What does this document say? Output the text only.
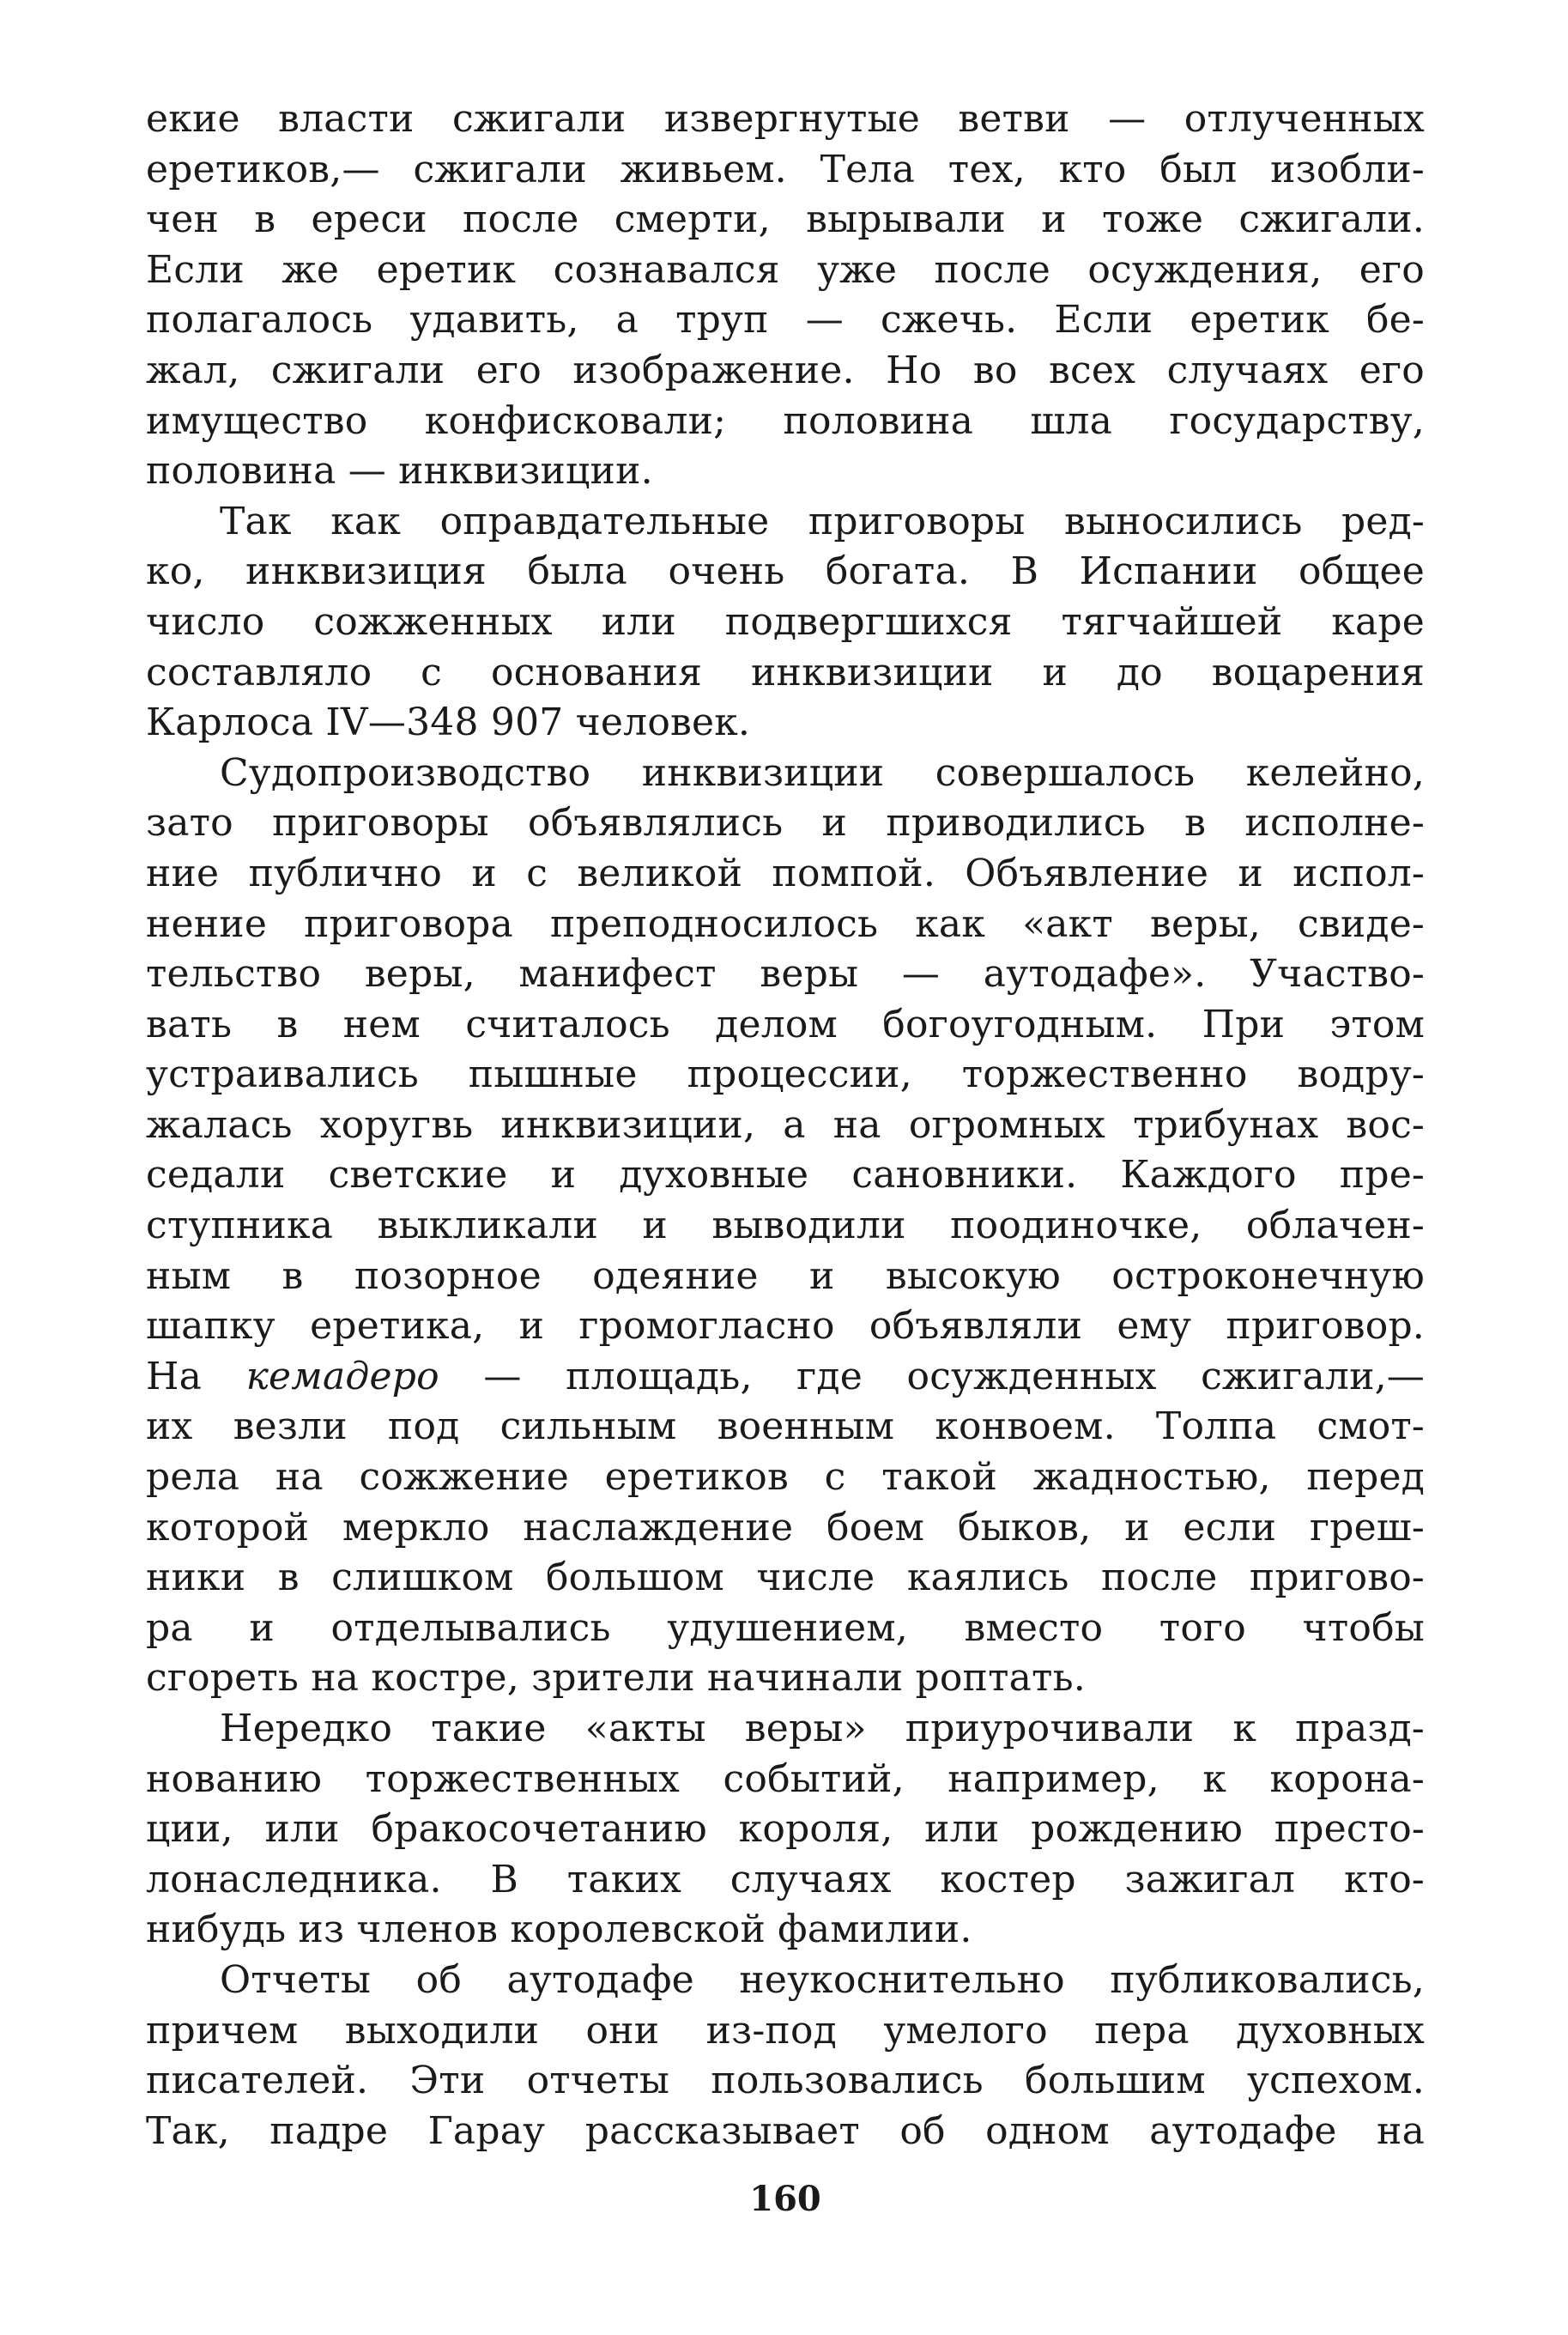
екие власти сжигали извергнутые ветви — отлученных
еретиков,— сжигали живьем. Тела тех, кто был изобли-
чен в ереси после смерти, вырывали и тоже сжигали.
Если же еретик сознавался уже после осуждения, его
полагалось удавить, а труп — сжечь. Если еретик бе-
жал, сжигали его изображение. Но во всех случаях его
имущество конфисковали; половина шла государству,
половина — инквизиции.
Так как оправдательные приговоры выносились ред-
ко, инквизиция была очень богата. В Испании общее
число сожженных или подвергшихся тягчайшей каре
составляло с основания инквизиции и до воцарения
Карлоса IV—348 907 человек.
Судопроизводство инквизиции совершалось келейно,
зато приговоры объявлялись и приводились в исполне-
ние публично и с великой помпой. Объявление и испол-
нение приговора преподносилось как «акт веры, свиде-
тельство веры, манифест веры — аутодафе». Участво-
вать в нем считалось делом богоугодным. При этом
устраивались пышные процессии, торжественно водру-
жалась хоругвь инквизиции, а на огромных трибунах вос-
седали светские и духовные сановники. Каждого пре-
ступника выкликали и выводили поодиночке, облачен-
ным в позорное одеяние и высокую остроконечную
шапку еретика, и громогласно объявляли ему приговор.
На кемадеро — площадь, где осужденных сжигали,—
их везли под сильным военным конвоем. Толпа смот-
рела на сожжение еретиков с такой жадностью, перед
которой меркло наслаждение боем быков, и если греш-
ники в слишком большом числе каялись после пригово-
ра и отделывались удушением, вместо того чтобы
сгореть на костре, зрители начинали роптать.
Нередко такие «акты веры» приурочивали к празд-
нованию торжественных событий, например, к корона-
ции, или бракосочетанию короля, или рождению престо-
лонаследника. В таких случаях костер зажигал кто-
нибудь из членов королевской фамилии.
Отчеты об аутодафе неукоснительно публиковались,
причем выходили они из-под умелого пера духовных
писателей. Эти отчеты пользовались большим успехом.
Так, падре Гарау рассказывает об одном аутодафе на
160
